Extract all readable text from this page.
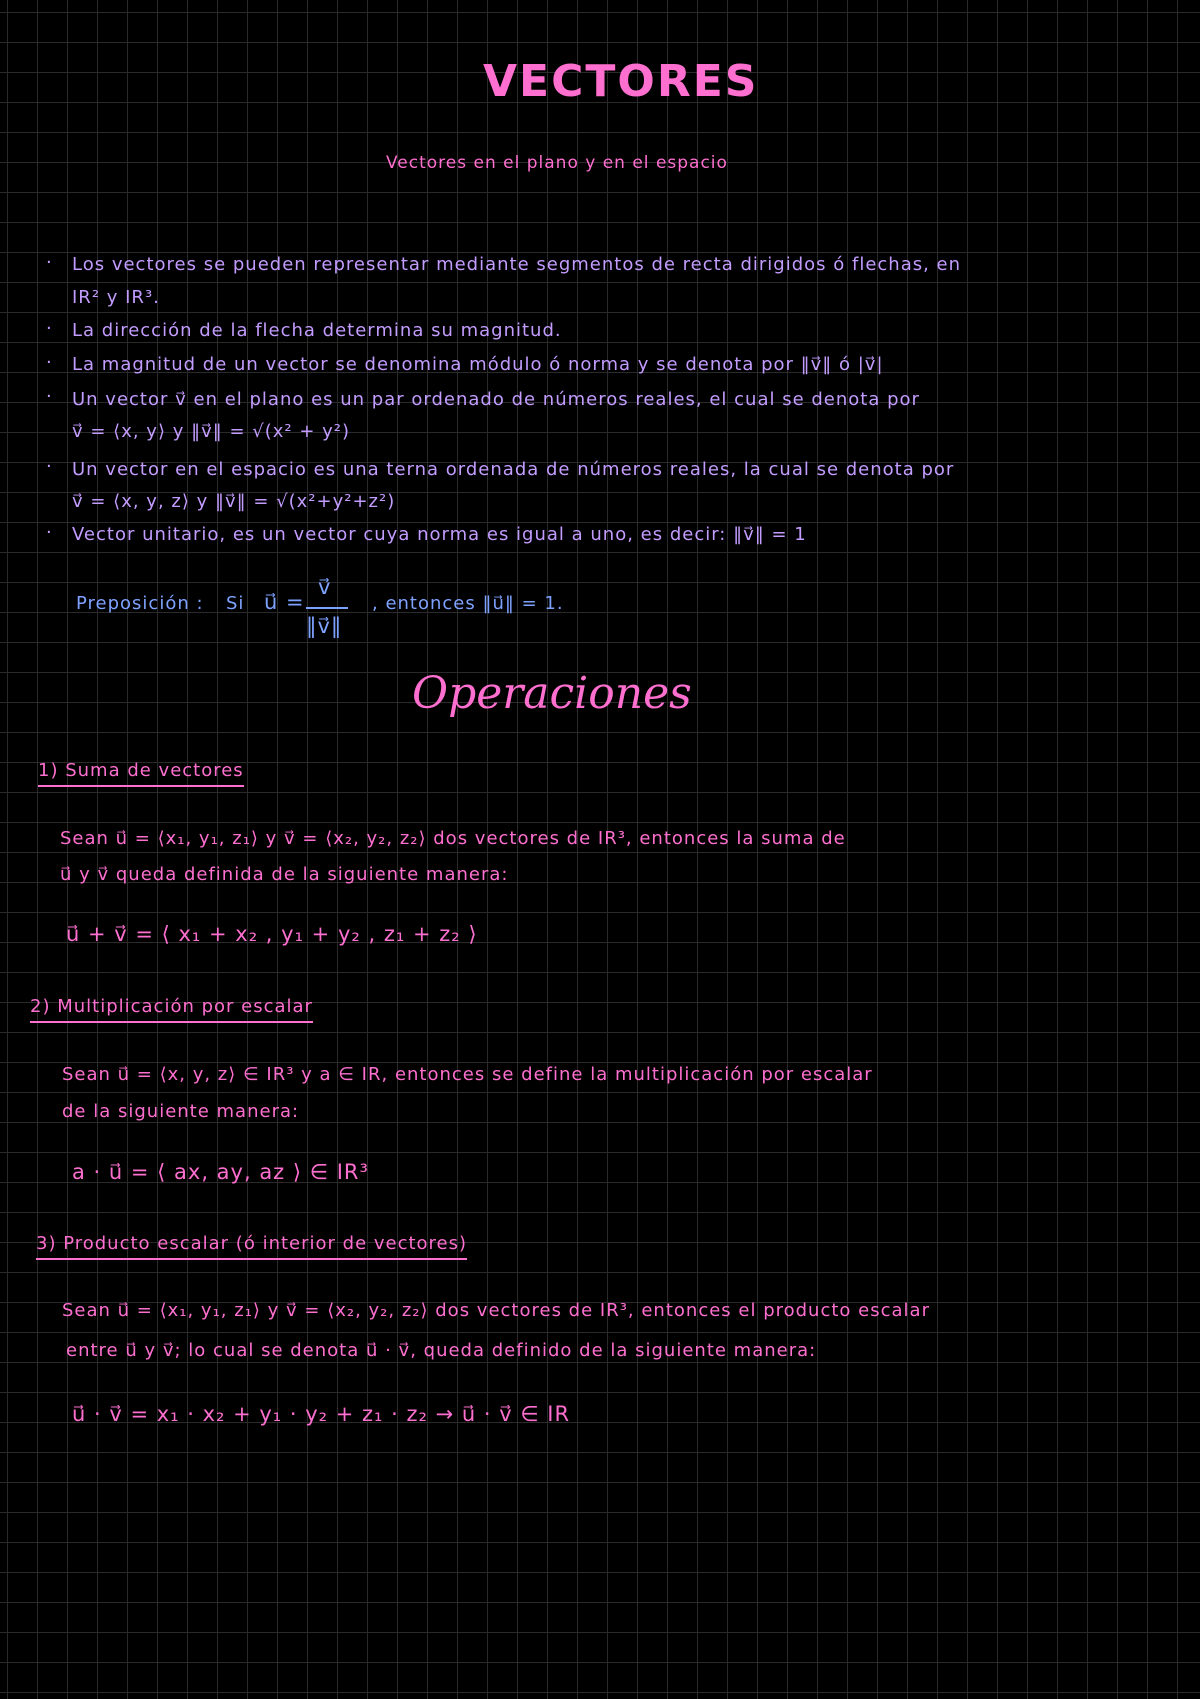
VECTORES
Vectores en el plano y en el espacio
· Los vectores se pueden representar mediante segmentos de recta dirigidos ó flechas, en
IR² y IR³.
· La dirección de la flecha determina su magnitud.
· La magnitud de un vector se denomina módulo ó norma y se denota por ‖v⃗‖ ó |v⃗|
· Un vector v⃗ en el plano es un par ordenado de números reales, el cual se denota por
v⃗ = ⟨x, y⟩ y ‖v⃗‖ = √(x² + y²)
· Un vector en el espacio es una terna ordenada de números reales, la cual se denota por
v⃗ = ⟨x, y, z⟩ y ‖v⃗‖ = √(x²+y²+z²)
· Vector unitario, es un vector cuya norma es igual a uno, es decir: ‖v⃗‖ = 1
Preposición : Si u⃗ =
v⃗
‖v⃗‖
, entonces ‖u⃗‖ = 1.
Operaciones
1) Suma de vectores
Sean u⃗ = ⟨x₁, y₁, z₁⟩ y v⃗ = ⟨x₂, y₂, z₂⟩ dos vectores de IR³, entonces la suma de
u⃗ y v⃗ queda definida de la siguiente manera:
u⃗ + v⃗ = ⟨ x₁ + x₂ , y₁ + y₂ , z₁ + z₂ ⟩
2) Multiplicación por escalar
Sean u⃗ = ⟨x, y, z⟩ ∈ IR³ y a ∈ IR, entonces se define la multiplicación por escalar
de la siguiente manera:
a · u⃗ = ⟨ ax, ay, az ⟩ ∈ IR³
3) Producto escalar (ó interior de vectores)
Sean u⃗ = ⟨x₁, y₁, z₁⟩ y v⃗ = ⟨x₂, y₂, z₂⟩ dos vectores de IR³, entonces el producto escalar
entre u⃗ y v⃗; lo cual se denota u⃗ · v⃗, queda definido de la siguiente manera:
u⃗ · v⃗ = x₁ · x₂ + y₁ · y₂ + z₁ · z₂ → u⃗ · v⃗ ∈ IR
